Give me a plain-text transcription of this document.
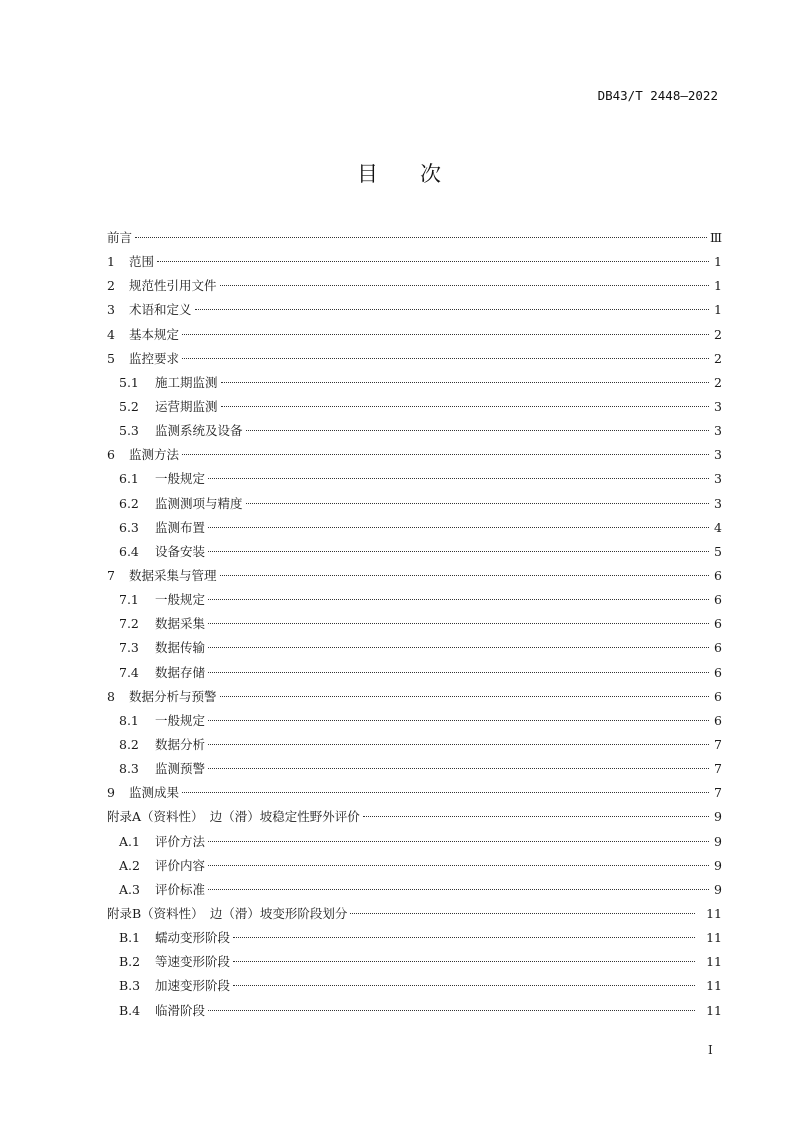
DB43/T 2448—2022
目 次
前言	Ⅲ
1 范围	1
2 规范性引用文件	1
3 术语和定义	1
4 基本规定	2
5 监控要求	2
5.1 施工期监测	2
5.2 运营期监测	3
5.3 监测系统及设备	3
6 监测方法	3
6.1 一般规定	3
6.2 监测测项与精度	3
6.3 监测布置	4
6.4 设备安装	5
7 数据采集与管理	6
7.1 一般规定	6
7.2 数据采集	6
7.3 数据传输	6
7.4 数据存储	6
8 数据分析与预警	6
8.1 一般规定	6
8.2 数据分析	7
8.3 监测预警	7
9 监测成果	7
附录A（资料性）　边（滑）坡稳定性野外评价	9
A.1 评价方法	9
A.2 评价内容	9
A.3 评价标准	9
附录B（资料性）　边（滑）坡变形阶段划分	11
B.1 蠕动变形阶段	11
B.2 等速变形阶段	11
B.3 加速变形阶段	11
B.4 临滑阶段	11
I
